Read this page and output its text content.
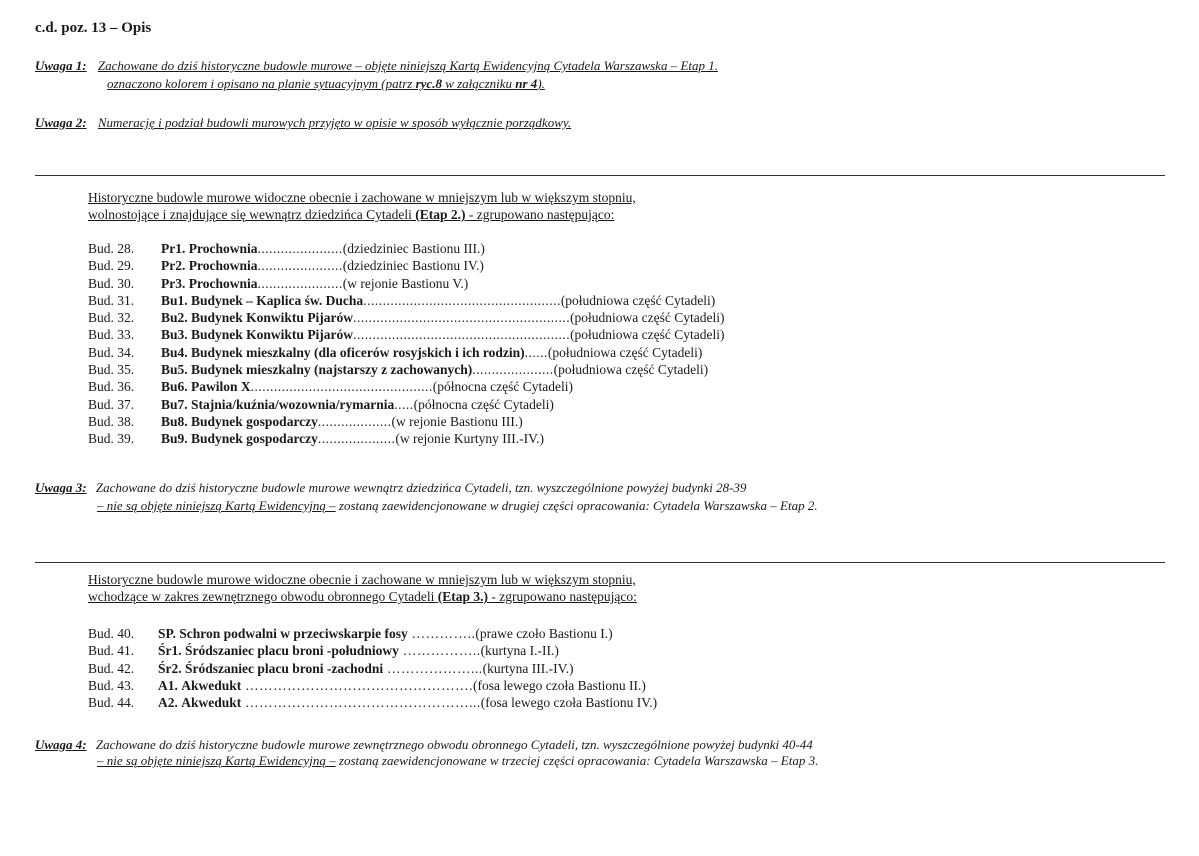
c.d. poz. 13 – Opis
Uwaga 1: Zachowane do dziś historyczne budowle murowe – objęte niniejszą Kartą Ewidencyjną Cytadela Warszawska – Etap 1.
oznaczono kolorem i opisano na planie sytuacyjnym (patrz ryc.8 w załączniku nr 4).
Uwaga 2: Numerację i podział budowli murowych przyjęto w opisie w sposób wyłącznie porządkowy.
Historyczne budowle murowe widoczne obecnie i zachowane w mniejszym lub w większym stopniu,
wolnostojące i znajdujące się wewnątrz dziedzińca Cytadeli (Etap 2.) - zgrupowano następująco:
Bud. 28. Pr1. Prochownia......................(dziedziniec Bastionu III.)
Bud. 29. Pr2. Prochownia......................(dziedziniec Bastionu IV.)
Bud. 30. Pr3. Prochownia......................(w rejonie Bastionu V.)
Bud. 31. Bu1. Budynek – Kaplica św. Ducha...................................................(południowa część Cytadeli)
Bud. 32. Bu2. Budynek Konwiktu Pijarów........................................................(południowa część Cytadeli)
Bud. 33. Bu3. Budynek Konwiktu Pijarów........................................................(południowa część Cytadeli)
Bud. 34. Bu4. Budynek mieszkalny (dla oficerów rosyjskich i ich rodzin)......(południowa część Cytadeli)
Bud. 35. Bu5. Budynek mieszkalny (najstarszy z zachowanych).....................(południowa część Cytadeli)
Bud. 36. Bu6. Pawilon X...............................................(północna część Cytadeli)
Bud. 37. Bu7. Stajnia/kuźnia/wozownia/rymarnia.....(północna część Cytadeli)
Bud. 38. Bu8. Budynek gospodarczy...................(w rejonie Bastionu III.)
Bud. 39. Bu9. Budynek gospodarczy....................(w rejonie Kurtyny III.-IV.)
Uwaga 3: Zachowane do dziś historyczne budowle murowe wewnątrz dziedzińca Cytadeli, tzn. wyszczególnione powyżej budynki 28-39
– nie są objęte niniejszą Kartą Ewidencyjną – zostaną zaewidencjonowane w drugiej części opracowania: Cytadela Warszawska – Etap 2.
Historyczne budowle murowe widoczne obecnie i zachowane w mniejszym lub w większym stopniu,
wchodzące w zakres zewnętrznego obwodu obronnego Cytadeli (Etap 3.) - zgrupowano następująco:
Bud. 40. SP. Schron podwalni w przeciwskarpie fosy …………..(prawe czoło Bastionu I.)
Bud. 41. Śr1. Śródszaniec placu broni -południowy ……………..(kurtyna I.-II.)
Bud. 42. Śr2. Śródszaniec placu broni -zachodni ………………...(kurtyna III.-IV.)
Bud. 43. A1. Akwedukt ………………………………………….(fosa lewego czoła Bastionu II.)
Bud. 44. A2. Akwedukt …………………………………………...(fosa lewego czoła Bastionu IV.)
Uwaga 4: Zachowane do dziś historyczne budowle murowe zewnętrznego obwodu obronnego Cytadeli, tzn. wyszczególnione powyżej budynki 40-44
– nie są objęte niniejszą Kartą Ewidencyjną – zostaną zaewidencjonowane w trzeciej części opracowania: Cytadela Warszawska – Etap 3.
